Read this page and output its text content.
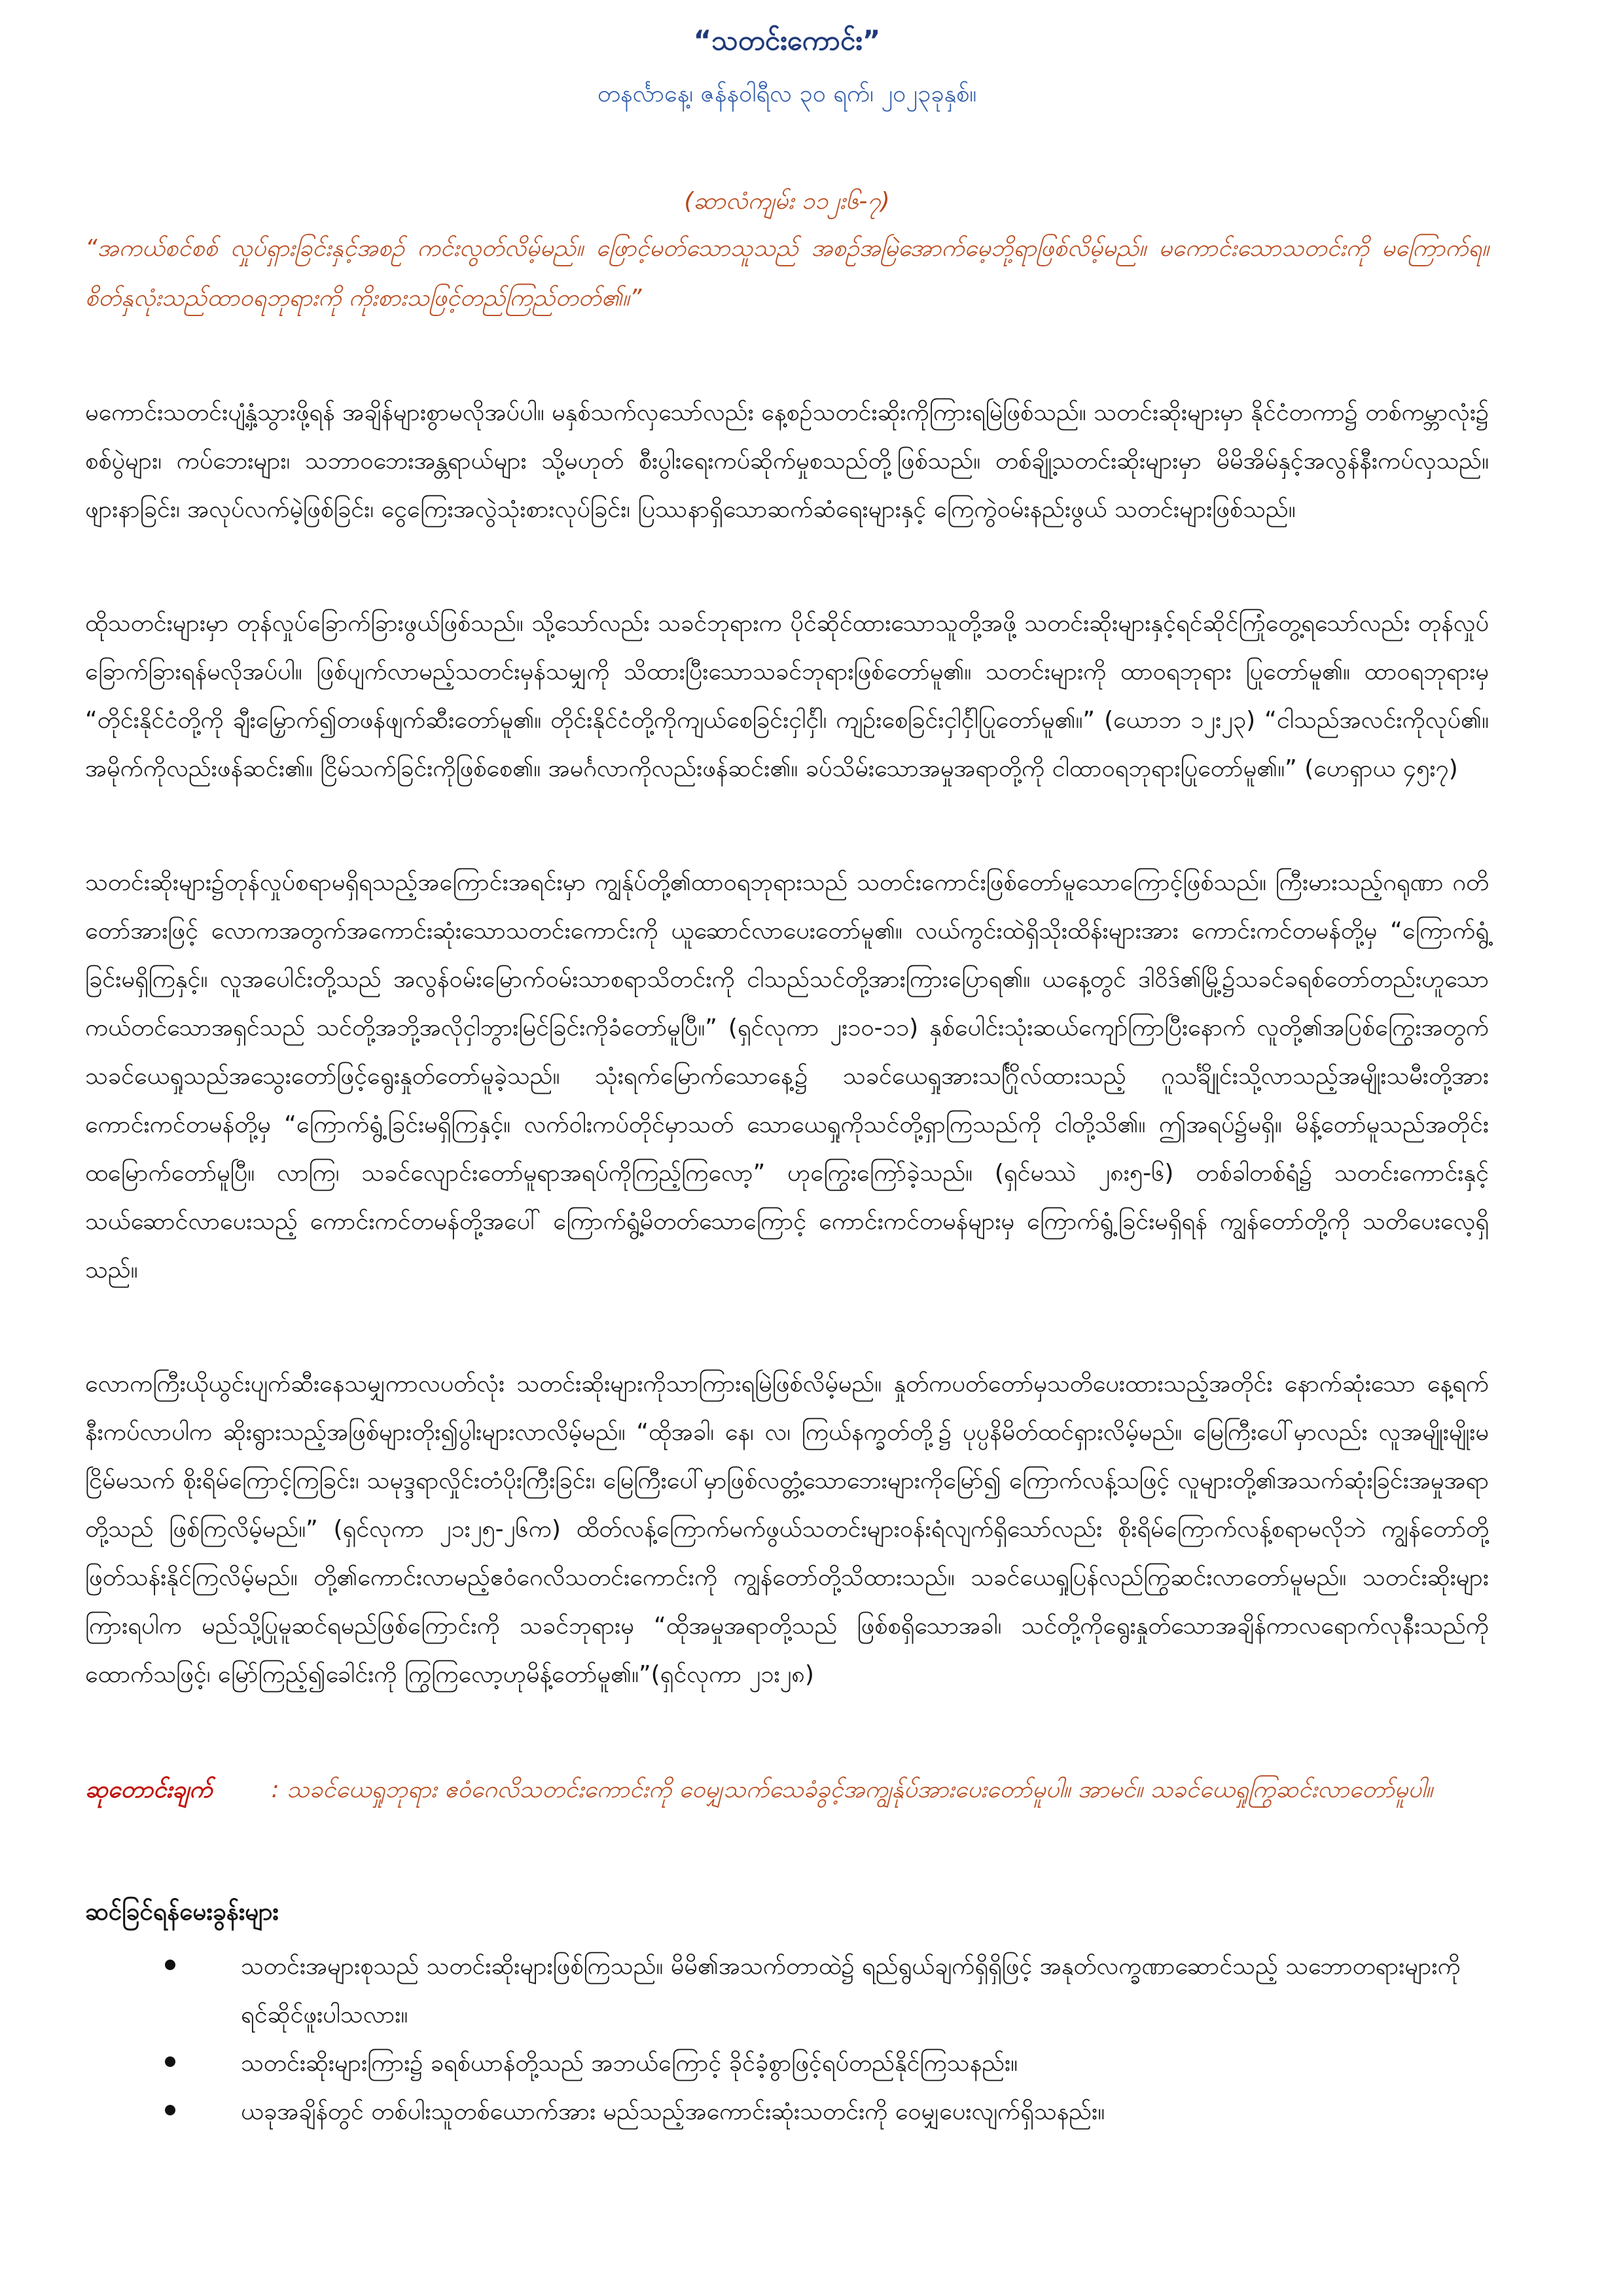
“သတင်းကောင်း”

တနင်္လာနေ့၊ ဇန်နဝါရီလ ၃၀ ရက်၊ ၂၀၂၃ခုနှစ်။

(ဆာလံကျမ်း ၁၁၂း၆-၇)

“အကယ်စင်စစ် လှုပ်ရှားခြင်းနှင့်အစဉ် ကင်းလွတ်လိမ့်မည်။ ဖြောင့်မတ်သောသူသည် အစဉ်အမြဲအောက်မေ့ဘို့ရာဖြစ်လိမ့်မည်။ မကောင်းသောသတင်းကို မကြောက်ရ။ စိတ်နှလုံးသည်ထာဝရဘုရားကို ကိုးစားသဖြင့်တည်ကြည်တတ်၏။”

မကောင်းသတင်းပျံ့နှံ့သွားဖို့ရန် အချိန်များစွာမလိုအပ်ပါ။ မနှစ်သက်လှသော်လည်း နေ့စဉ်သတင်းဆိုးကိုကြားရမြဲဖြစ်သည်။ သတင်းဆိုးများမှာ နိုင်ငံတကာ၌ တစ်ကမ္ဘာလုံး၌ စစ်ပွဲများ၊ ကပ်ဘေးများ၊ သဘာဝဘေးအန္တရာယ်များ သို့မဟုတ် စီးပွါးရေးကပ်ဆိုက်မှုစသည်တို့ဖြစ်သည်။ တစ်ချို့သတင်းဆိုးများမှာ မိမိအိမ်နှင့်အလွန်နီးကပ်လှသည်။ ဖျားနာခြင်း၊ အလုပ်လက်မဲ့ဖြစ်ခြင်း၊ ငွေကြေးအလွဲသုံးစားလုပ်ခြင်း၊ ပြဿနာရှိသောဆက်ဆံရေးများနှင့် ကြေကွဲဝမ်းနည်းဖွယ် သတင်းများဖြစ်သည်။

ထိုသတင်းများမှာ တုန်လှုပ်ခြောက်ခြားဖွယ်ဖြစ်သည်။ သို့သော်လည်း သခင်ဘုရားက ပိုင်ဆိုင်ထားသောသူတို့အဖို့ သတင်းဆိုးများနှင့်ရင်ဆိုင်ကြုံတွေ့ရသော်လည်း တုန်လှုပ်ခြောက်ခြားရန်မလိုအပ်ပါ။ ဖြစ်ပျက်လာမည့်သတင်းမှန်သမျှကို သိထားပြီးသောသခင်ဘုရားဖြစ်တော်မူ၏။ သတင်းများကို ထာဝရဘုရား ပြုတော်မူ၏။ ထာဝရဘုရားမှ “တိုင်းနိုင်ငံတို့ကို ချီးမြှောက်၍တဖန်ဖျက်ဆီးတော်မူ၏။ တိုင်းနိုင်ငံတို့ကိုကျယ်စေခြင်းငှါင်္ငှါ၊ ကျဉ်းစေခြင်းငှါင်္ငှါပြုတော်မူ၏။” (ယောဘ ၁၂း၂၃) “ငါသည်အလင်းကိုလုပ်၏။ အမိုက်ကိုလည်းဖန်ဆင်း၏။ ငြိမ်သက်ခြင်းကိုဖြစ်စေ၏။ အမင်္ဂလာကိုလည်းဖန်ဆင်း၏။ ခပ်သိမ်းသောအမှုအရာတို့ကို ငါထာဝရဘုရားပြုတော်မူ၏။” (ဟေရှာယ ၄၅း၇)

သတင်းဆိုးများ၌တုန်လှုပ်စရာမရှိရသည့်အကြောင်းအရင်းမှာ ကျွန်ုပ်တို့၏ထာဝရဘုရားသည် သတင်းကောင်းဖြစ်တော်မူသောကြောင့်ဖြစ်သည်။ ကြီးမားသည့်ဂရုဏာ ဂတိတော်အားဖြင့် လောကအတွက်အကောင်းဆုံးသောသတင်းကောင်းကို ယူဆောင်လာပေးတော်မူ၏။ လယ်ကွင်းထဲရှိသိုးထိန်းများအား ကောင်းကင်တမန်တို့မှ “ကြောက်ရွံ့ခြင်းမရှိကြနှင့်။ လူအပေါင်းတို့သည် အလွန်ဝမ်းမြောက်ဝမ်းသာစရာသိတင်းကို ငါသည်သင်တို့အားကြားပြောရ၏။ ယနေ့တွင် ဒါဝိဒ်၏မြို့၌သခင်ခရစ်တော်တည်းဟူသော ကယ်တင်သောအရှင်သည် သင်တို့အဘို့အလိုငှါဘွားမြင်ခြင်းကိုခံတော်မူပြီ။” (ရှင်လုကာ ၂း၁၀-၁၁) နှစ်ပေါင်းသုံးဆယ်ကျော်ကြာပြီးနောက် လူတို့၏အပြစ်ကြွေးအတွက် သခင်ယေရှုသည်အသွေးတော်ဖြင့်ရွေးနှုတ်တော်မူခဲ့သည်။ သုံးရက်မြောက်သောနေ့၌ သခင်ယေရှုအားသင်္ဂြိုလ်ထားသည့် ဂူသင်္ချိုင်းသို့လာသည့်အမျိုးသမီးတို့အား ကောင်းကင်တမန်တို့မှ “ကြောက်ရွံ့ခြင်းမရှိကြနှင့်။ လက်ဝါးကပ်တိုင်မှာသတ် သောယေရှုကိုသင်တို့ရှာကြသည်ကို ငါတို့သိ၏။ ဤအရပ်၌မရှိ။ မိန့်တော်မူသည်အတိုင်းထမြောက်တော်မူပြီ။ လာကြ၊ သခင်လျောင်းတော်မူရာအရပ်ကိုကြည့်ကြလော့” ဟုကြွေးကြော်ခဲ့သည်။ (ရှင်မဿဲ ၂၈း၅-၆) တစ်ခါတစ်ရံ၌ သတင်းကောင်းနှင့်သယ်ဆောင်လာပေးသည့် ကောင်းကင်တမန်တို့အပေါ် ကြောက်ရွံ့မိတတ်သောကြောင့် ကောင်းကင်တမန်များမှ ကြောက်ရွံ့ခြင်းမရှိရန် ကျွန်တော်တို့ကို သတိပေးလေ့ရှိသည်။

လောကကြီးယိုယွင်းပျက်ဆီးနေသမျှကာလပတ်လုံး သတင်းဆိုးများကိုသာကြားရမြဲဖြစ်လိမ့်မည်။ နှုတ်ကပတ်တော်မှသတိပေးထားသည့်အတိုင်း နောက်ဆုံးသော နေ့ရက်နီးကပ်လာပါက ဆိုးရွားသည့်အဖြစ်များတိုး၍ပွါးများလာလိမ့်မည်။ “ထိုအခါ၊ နေ၊ လ၊ ကြယ်နက္ခတ်တို့၌ ပုပ္ပနိမိတ်ထင်ရှားလိမ့်မည်။ မြေကြီးပေါ်မှာလည်း လူအမျိုးမျိုးမငြိမ်မသက် စိုးရိမ်ကြောင့်ကြခြင်း၊ သမုဒ္ဒရာလှိုင်းတံပိုးကြီးခြင်း၊ မြေကြီးပေါ်မှာဖြစ်လတ္တံ့သောဘေးများကိုမြော်၍ ကြောက်လန့်သဖြင့် လူများတို့၏အသက်ဆုံးခြင်းအမှုအရာတို့သည် ဖြစ်ကြလိမ့်မည်။” (ရှင်လုကာ ၂၁း၂၅-၂၆က) ထိတ်လန့်ကြောက်မက်ဖွယ်သတင်းများဝန်းရံလျက်ရှိသော်လည်း စိုးရိမ်ကြောက်လန့်စရာမလိုဘဲ ကျွန်တော်တို့ဖြတ်သန်းနိုင်ကြလိမ့်မည်။ တို့၏ကောင်းလာမည့်ဧဝံဂေလိသတင်းကောင်းကို ကျွန်တော်တို့သိထားသည်။ သခင်ယေရှုပြန်လည်ကြွဆင်းလာတော်မူမည်။ သတင်းဆိုးများကြားရပါက မည်သို့ပြုမူဆင်ရမည်ဖြစ်ကြောင်းကို သခင်ဘုရားမှ “ထိုအမှုအရာတို့သည် ဖြစ်စရှိသောအခါ၊ သင်တို့ကိုရွေးနှုတ်သောအချိန်ကာလရောက်လုနီးသည်ကို ထောက်သဖြင့်၊ မြော်ကြည့်၍ခေါင်းကို ကြွကြလော့ဟုမိန့်တော်မူ၏။”(ရှင်လုကာ ၂၁း၂၈)

ဆုတောင်းချက်	: သခင်ယေရှုဘုရား ဧဝံဂေလိသတင်းကောင်းကို ဝေမျှသက်သေခံခွင့်အကျွန်ုပ်အားပေးတော်မူပါ။ အာမင်။ သခင်ယေရှုကြွဆင်းလာတော်မူပါ။

ဆင်ခြင်ရန်မေးခွန်းများ

သတင်းအများစုသည် သတင်းဆိုးများဖြစ်ကြသည်။ မိမိ၏အသက်တာထဲ၌ ရည်ရွယ်ချက်ရှိရှိဖြင့် အနုတ်လက္ခဏာဆောင်သည့် သဘောတရားများကို ရင်ဆိုင်ဖူးပါသလား။
သတင်းဆိုးများကြား၌ ခရစ်ယာန်တို့သည် အဘယ်ကြောင့် ခိုင်ခံ့စွာဖြင့်ရပ်တည်နိုင်ကြသနည်း။
ယခုအချိန်တွင် တစ်ပါးသူတစ်ယောက်အား မည်သည့်အကောင်းဆုံးသတင်းကို ဝေမျှပေးလျက်ရှိသနည်း။
